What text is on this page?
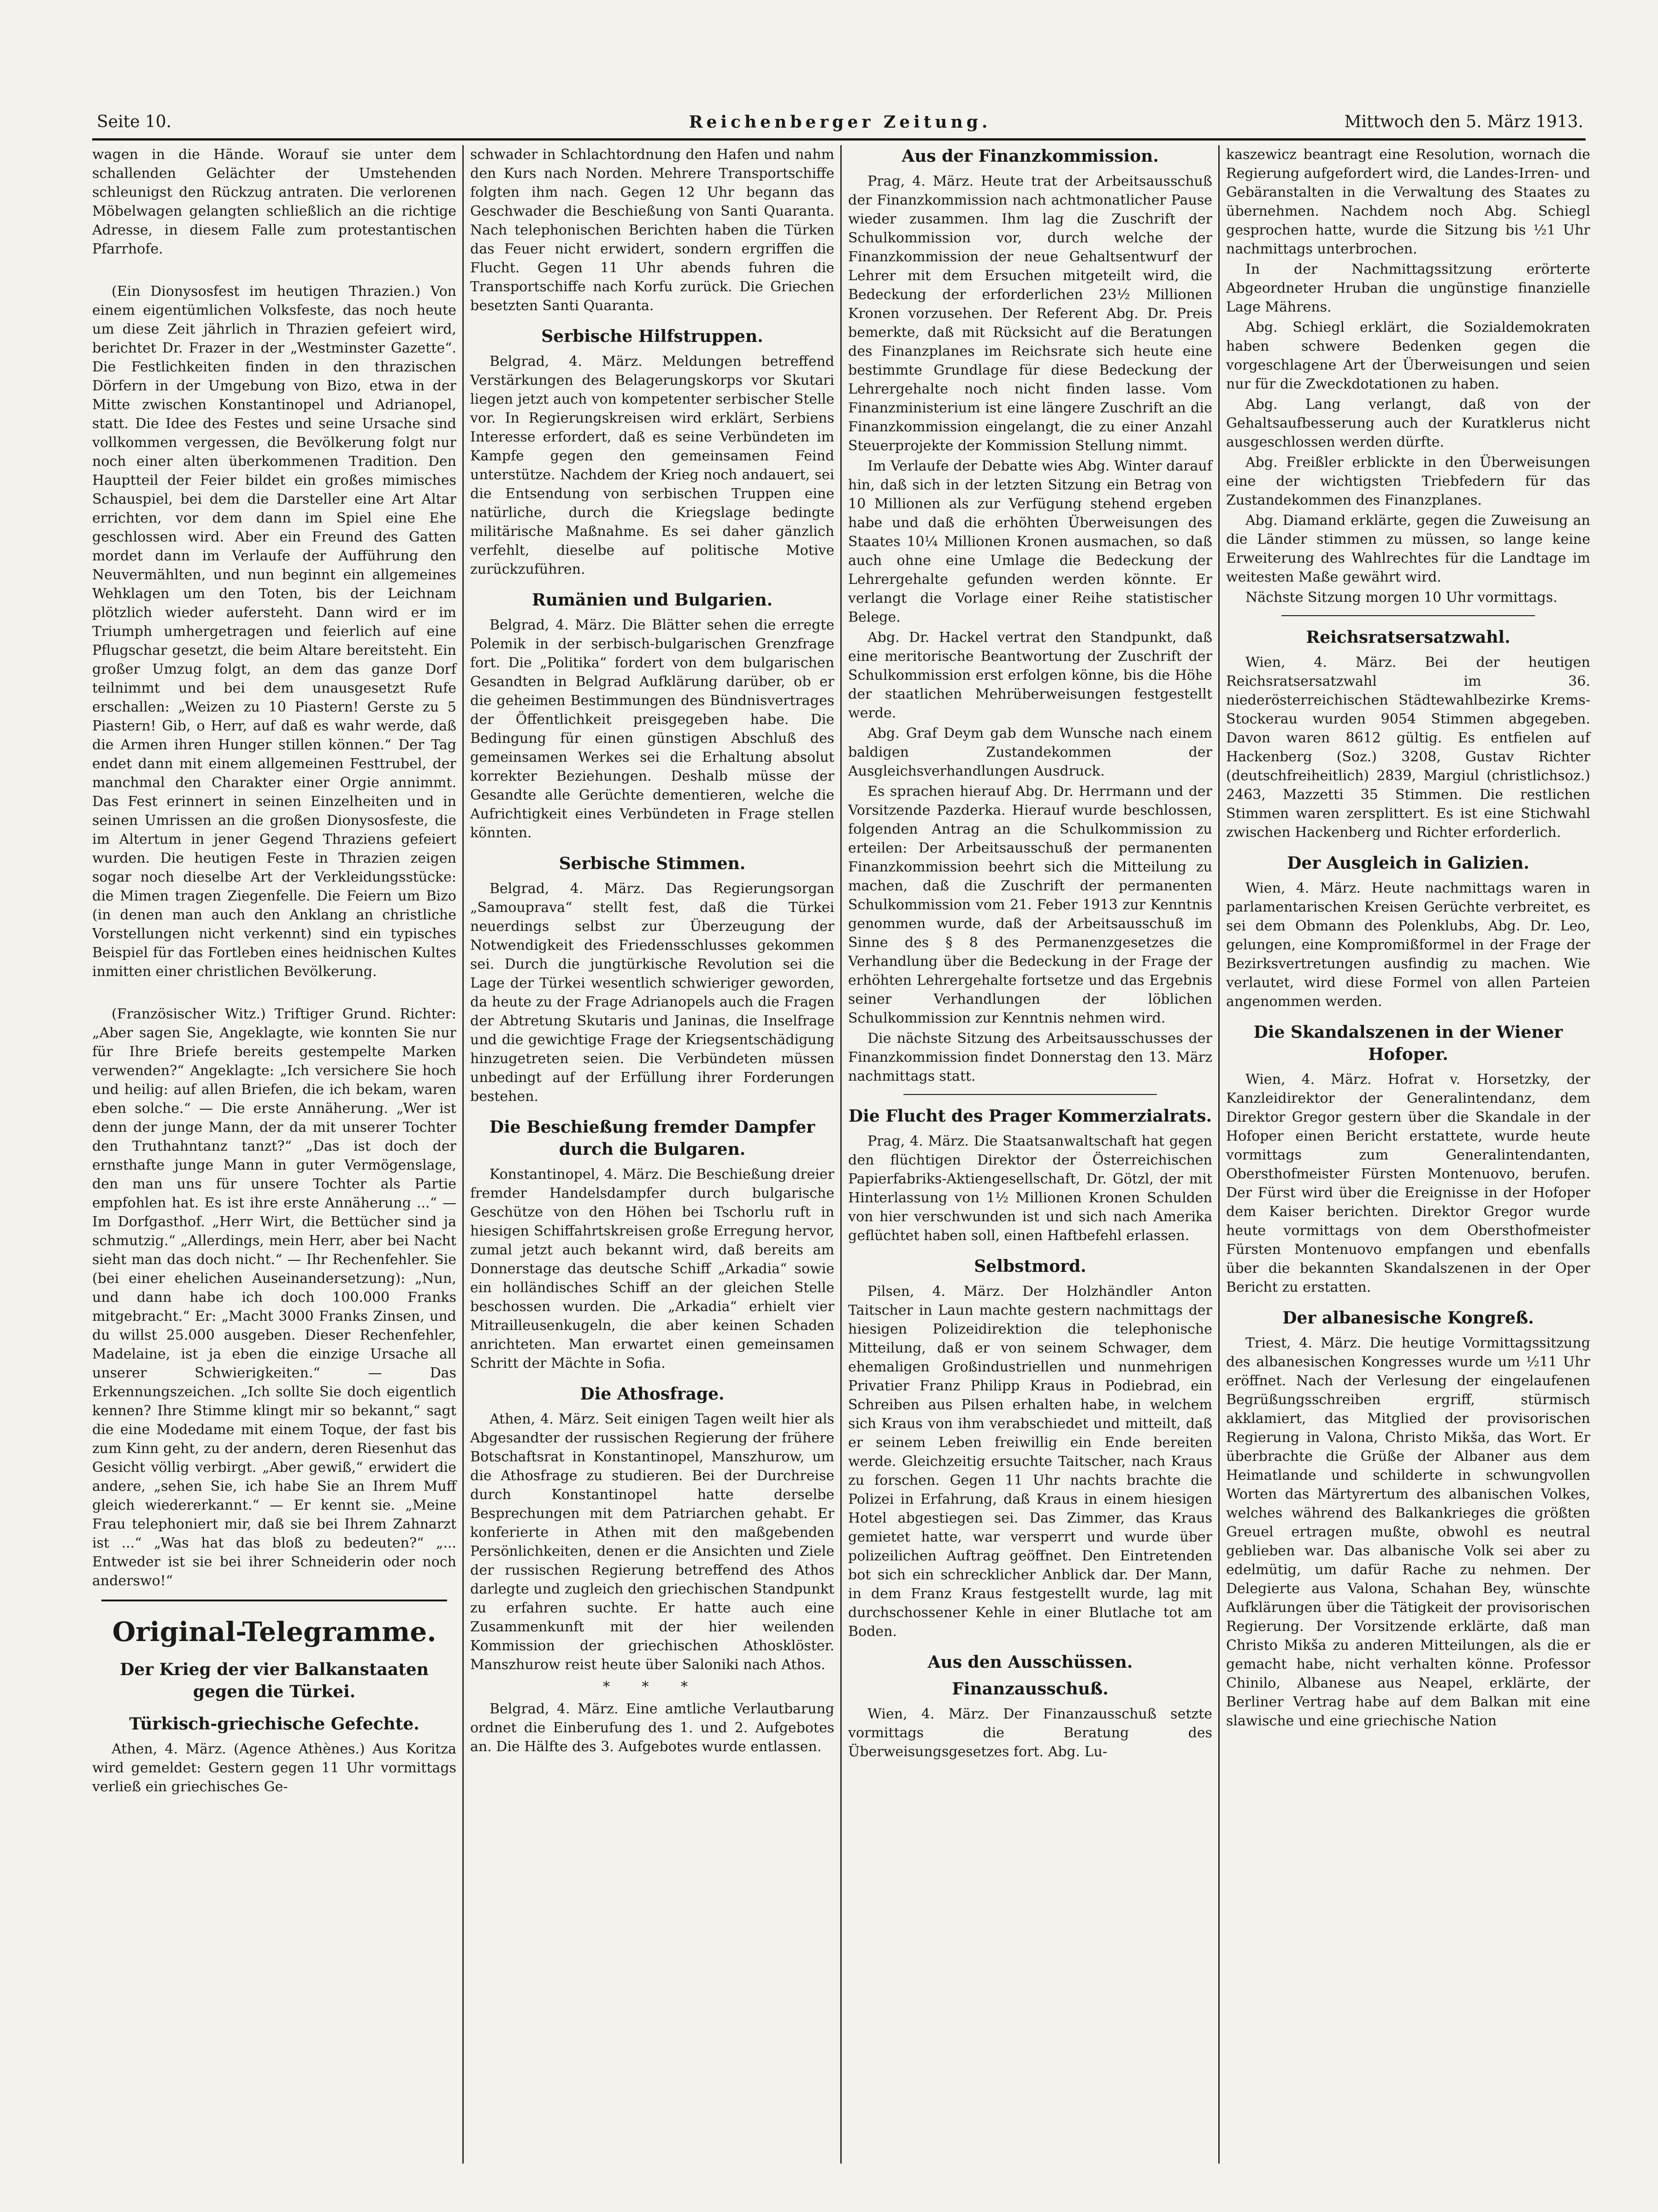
Seite 10.	Reichenberger Zeitung.	Mittwoch den 5. März 1913.

wagen in die Hände. Worauf sie unter dem schallenden Gelächter der Umstehenden schleunigst den Rückzug antraten. Die verlorenen Möbelwagen gelangten schließlich an die richtige Adresse, in diesem Falle zum protestantischen Pfarrhofe.

(Ein Dionysosfest im heutigen Thrazien.) Von einem eigentümlichen Volksfeste, das noch heute um diese Zeit jährlich in Thrazien gefeiert wird, berichtet Dr. Frazer in der „Westminster Gazette“. Die Festlichkeiten finden in den thrazischen Dörfern in der Umgebung von Bizo, etwa in der Mitte zwischen Konstantinopel und Adrianopel, statt. Die Idee des Festes und seine Ursache sind vollkommen vergessen, die Bevölkerung folgt nur noch einer alten überkommenen Tradition. Den Hauptteil der Feier bildet ein großes mimisches Schauspiel, bei dem die Darsteller eine Art Altar errichten, vor dem dann im Spiel eine Ehe geschlossen wird. Aber ein Freund des Gatten mordet dann im Verlaufe der Aufführung den Neuvermählten, und nun beginnt ein allgemeines Wehklagen um den Toten, bis der Leichnam plötzlich wieder aufersteht. Dann wird er im Triumph umhergetragen und feierlich auf eine Pflugschar gesetzt, die beim Altare bereitsteht. Ein großer Umzug folgt, an dem das ganze Dorf teilnimmt und bei dem unausgesetzt Rufe erschallen: „Weizen zu 10 Piastern! Gerste zu 5 Piastern! Gib, o Herr, auf daß es wahr werde, daß die Armen ihren Hunger stillen können.“ Der Tag endet dann mit einem allgemeinen Festtrubel, der manchmal den Charakter einer Orgie annimmt. Das Fest erinnert in seinen Einzelheiten und in seinen Umrissen an die großen Dionysosfeste, die im Altertum in jener Gegend Thraziens gefeiert wurden. Die heutigen Feste in Thrazien zeigen sogar noch dieselbe Art der Verkleidungsstücke: die Mimen tragen Ziegenfelle. Die Feiern um Bizo (in denen man auch den Anklang an christliche Vorstellungen nicht verkennt) sind ein typisches Beispiel für das Fortleben eines heidnischen Kultes inmitten einer christlichen Bevölkerung.

(Französischer Witz.) Triftiger Grund. Richter: „Aber sagen Sie, Angeklagte, wie konnten Sie nur für Ihre Briefe bereits gestempelte Marken verwenden?“ Angeklagte: „Ich versichere Sie hoch und heilig: auf allen Briefen, die ich bekam, waren eben solche.“ — Die erste Annäherung. „Wer ist denn der junge Mann, der da mit unserer Tochter den Truthahntanz tanzt?“ „Das ist doch der ernsthafte junge Mann in guter Vermögenslage, den man uns für unsere Tochter als Partie empfohlen hat. Es ist ihre erste Annäherung ...“ — Im Dorfgasthof. „Herr Wirt, die Bettücher sind ja schmutzig.“ „Allerdings, mein Herr, aber bei Nacht sieht man das doch nicht.“ — Ihr Rechenfehler. Sie (bei einer ehelichen Auseinandersetzung): „Nun, und dann habe ich doch 100.000 Franks mitgebracht.“ Er: „Macht 3000 Franks Zinsen, und du willst 25.000 ausgeben. Dieser Rechenfehler, Madelaine, ist ja eben die einzige Ursache all unserer Schwierigkeiten.“ — Das Erkennungszeichen. „Ich sollte Sie doch eigentlich kennen? Ihre Stimme klingt mir so bekannt,“ sagt die eine Modedame mit einem Toque, der fast bis zum Kinn geht, zu der andern, deren Riesenhut das Gesicht völlig verbirgt. „Aber gewiß,“ erwidert die andere, „sehen Sie, ich habe Sie an Ihrem Muff gleich wiedererkannt.“ — Er kennt sie. „Meine Frau telephoniert mir, daß sie bei Ihrem Zahnarzt ist ...“ „Was hat das bloß zu bedeuten?“ „... Entweder ist sie bei ihrer Schneiderin oder noch anderswo!“

Original-Telegramme.
Der Krieg der vier Balkanstaaten gegen die Türkei.
Türkisch-griechische Gefechte.

Athen, 4. März. (Agence Athènes.) Aus Koritza wird gemeldet: Gestern gegen 11 Uhr vormittags verließ ein griechisches Ge-

schwader in Schlachtordnung den Hafen und nahm den Kurs nach Norden. Mehrere Transportschiffe folgten ihm nach. Gegen 12 Uhr begann das Geschwader die Beschießung von Santi Quaranta. Nach telephonischen Berichten haben die Türken das Feuer nicht erwidert, sondern ergriffen die Flucht. Gegen 11 Uhr abends fuhren die Transportschiffe nach Korfu zurück. Die Griechen besetzten Santi Quaranta.

Serbische Hilfstruppen.

Belgrad, 4. März. Meldungen betreffend Verstärkungen des Belagerungskorps vor Skutari liegen jetzt auch von kompetenter serbischer Stelle vor. In Regierungskreisen wird erklärt, Serbiens Interesse erfordert, daß es seine Verbündeten im Kampfe gegen den gemeinsamen Feind unterstütze. Nachdem der Krieg noch andauert, sei die Entsendung von serbischen Truppen eine natürliche, durch die Kriegslage bedingte militärische Maßnahme. Es sei daher gänzlich verfehlt, dieselbe auf politische Motive zurückzuführen.

Rumänien und Bulgarien.

Belgrad, 4. März. Die Blätter sehen die erregte Polemik in der serbisch-bulgarischen Grenzfrage fort. Die „Politika“ fordert von dem bulgarischen Gesandten in Belgrad Aufklärung darüber, ob er die geheimen Bestimmungen des Bündnisvertrages der Öffentlichkeit preisgegeben habe. Die Bedingung für einen günstigen Abschluß des gemeinsamen Werkes sei die Erhaltung absolut korrekter Beziehungen. Deshalb müsse der Gesandte alle Gerüchte dementieren, welche die Aufrichtigkeit eines Verbündeten in Frage stellen könnten.

Serbische Stimmen.

Belgrad, 4. März. Das Regierungsorgan „Samouprava“ stellt fest, daß die Türkei neuerdings selbst zur Überzeugung der Notwendigkeit des Friedensschlusses gekommen sei. Durch die jungtürkische Revolution sei die Lage der Türkei wesentlich schwieriger geworden, da heute zu der Frage Adrianopels auch die Fragen der Abtretung Skutaris und Janinas, die Inselfrage und die gewichtige Frage der Kriegsentschädigung hinzugetreten seien. Die Verbündeten müssen unbedingt auf der Erfüllung ihrer Forderungen bestehen.

Die Beschießung fremder Dampfer durch die Bulgaren.

Konstantinopel, 4. März. Die Beschießung dreier fremder Handelsdampfer durch bulgarische Geschütze von den Höhen bei Tschorlu ruft in hiesigen Schiffahrtskreisen große Erregung hervor, zumal jetzt auch bekannt wird, daß bereits am Donnerstage das deutsche Schiff „Arkadia“ sowie ein holländisches Schiff an der gleichen Stelle beschossen wurden. Die „Arkadia“ erhielt vier Mitrailleusenkugeln, die aber keinen Schaden anrichteten. Man erwartet einen gemeinsamen Schritt der Mächte in Sofia.

Die Athosfrage.

Athen, 4. März. Seit einigen Tagen weilt hier als Abgesandter der russischen Regierung der frühere Botschaftsrat in Konstantinopel, Manszhurow, um die Athosfrage zu studieren. Bei der Durchreise durch Konstantinopel hatte derselbe Besprechungen mit dem Patriarchen gehabt. Er konferierte in Athen mit den maßgebenden Persönlichkeiten, denen er die Ansichten und Ziele der russischen Regierung betreffend des Athos darlegte und zugleich den griechischen Standpunkt zu erfahren suchte. Er hatte auch eine Zusammenkunft mit der hier weilenden Kommission der griechischen Athosklöster. Manszhurow reist heute über Saloniki nach Athos.

* * *

Belgrad, 4. März. Eine amtliche Verlautbarung ordnet die Einberufung des 1. und 2. Aufgebotes an. Die Hälfte des 3. Aufgebotes wurde entlassen.

Aus der Finanzkommission.

Prag, 4. März. Heute trat der Arbeitsausschuß der Finanzkommission nach achtmonatlicher Pause wieder zusammen. Ihm lag die Zuschrift der Schulkommission vor, durch welche der Finanzkommission der neue Gehaltsentwurf der Lehrer mit dem Ersuchen mitgeteilt wird, die Bedeckung der erforderlichen 23½ Millionen Kronen vorzusehen. Der Referent Abg. Dr. Preis bemerkte, daß mit Rücksicht auf die Beratungen des Finanzplanes im Reichsrate sich heute eine bestimmte Grundlage für diese Bedeckung der Lehrergehalte noch nicht finden lasse. Vom Finanzministerium ist eine längere Zuschrift an die Finanzkommission eingelangt, die zu einer Anzahl Steuerprojekte der Kommission Stellung nimmt.

Im Verlaufe der Debatte wies Abg. Winter darauf hin, daß sich in der letzten Sitzung ein Betrag von 10 Millionen als zur Verfügung stehend ergeben habe und daß die erhöhten Überweisungen des Staates 10¼ Millionen Kronen ausmachen, so daß auch ohne eine Umlage die Bedeckung der Lehrergehalte gefunden werden könnte. Er verlangt die Vorlage einer Reihe statistischer Belege.

Abg. Dr. Hackel vertrat den Standpunkt, daß eine meritorische Beantwortung der Zuschrift der Schulkommission erst erfolgen könne, bis die Höhe der staatlichen Mehrüberweisungen festgestellt werde.

Abg. Graf Deym gab dem Wunsche nach einem baldigen Zustandekommen der Ausgleichsverhandlungen Ausdruck.

Es sprachen hierauf Abg. Dr. Herrmann und der Vorsitzende Pazderka. Hierauf wurde beschlossen, folgenden Antrag an die Schulkommission zu erteilen: Der Arbeitsausschuß der permanenten Finanzkommission beehrt sich die Mitteilung zu machen, daß die Zuschrift der permanenten Schulkommission vom 21. Feber 1913 zur Kenntnis genommen wurde, daß der Arbeitsausschuß im Sinne des § 8 des Permanenzgesetzes die Verhandlung über die Bedeckung in der Frage der erhöhten Lehrergehalte fortsetze und das Ergebnis seiner Verhandlungen der löblichen Schulkommission zur Kenntnis nehmen wird.

Die nächste Sitzung des Arbeitsausschusses der Finanzkommission findet Donnerstag den 13. März nachmittags statt.

Die Flucht des Prager Kommerzialrats.

Prag, 4. März. Die Staatsanwaltschaft hat gegen den flüchtigen Direktor der Österreichischen Papierfabriks-Aktiengesellschaft, Dr. Götzl, der mit Hinterlassung von 1½ Millionen Kronen Schulden von hier verschwunden ist und sich nach Amerika geflüchtet haben soll, einen Haftbefehl erlassen.

Selbstmord.

Pilsen, 4. März. Der Holzhändler Anton Taitscher in Laun machte gestern nachmittags der hiesigen Polizeidirektion die telephonische Mitteilung, daß er von seinem Schwager, dem ehemaligen Großindustriellen und nunmehrigen Privatier Franz Philipp Kraus in Podiebrad, ein Schreiben aus Pilsen erhalten habe, in welchem sich Kraus von ihm verabschiedet und mitteilt, daß er seinem Leben freiwillig ein Ende bereiten werde. Gleichzeitig ersuchte Taitscher, nach Kraus zu forschen. Gegen 11 Uhr nachts brachte die Polizei in Erfahrung, daß Kraus in einem hiesigen Hotel abgestiegen sei. Das Zimmer, das Kraus gemietet hatte, war versperrt und wurde über polizeilichen Auftrag geöffnet. Den Eintretenden bot sich ein schrecklicher Anblick dar. Der Mann, in dem Franz Kraus festgestellt wurde, lag mit durchschossener Kehle in einer Blutlache tot am Boden.

Aus den Ausschüssen.
Finanzausschuß.

Wien, 4. März. Der Finanzausschuß setzte vormittags die Beratung des Überweisungsgesetzes fort. Abg. Lu-

kaszewicz beantragt eine Resolution, wornach die Regierung aufgefordert wird, die Landes-Irren- und Gebäranstalten in die Verwaltung des Staates zu übernehmen. Nachdem noch Abg. Schiegl gesprochen hatte, wurde die Sitzung bis ½1 Uhr nachmittags unterbrochen.

In der Nachmittagssitzung erörterte Abgeordneter Hruban die ungünstige finanzielle Lage Mährens.

Abg. Schiegl erklärt, die Sozialdemokraten haben schwere Bedenken gegen die vorgeschlagene Art der Überweisungen und seien nur für die Zweckdotationen zu haben.

Abg. Lang verlangt, daß von der Gehaltsaufbesserung auch der Kuratklerus nicht ausgeschlossen werden dürfte.

Abg. Freißler erblickte in den Überweisungen eine der wichtigsten Triebfedern für das Zustandekommen des Finanzplanes.

Abg. Diamand erklärte, gegen die Zuweisung an die Länder stimmen zu müssen, so lange keine Erweiterung des Wahlrechtes für die Landtage im weitesten Maße gewährt wird.

Nächste Sitzung morgen 10 Uhr vormittags.

Reichsratsersatzwahl.

Wien, 4. März. Bei der heutigen Reichsratsersatzwahl im 36. niederösterreichischen Städtewahlbezirke Krems-Stockerau wurden 9054 Stimmen abgegeben. Davon waren 8612 gültig. Es entfielen auf Hackenberg (Soz.) 3208, Gustav Richter (deutschfreiheitlich) 2839, Margiul (christlichsoz.) 2463, Mazzetti 35 Stimmen. Die restlichen Stimmen waren zersplittert. Es ist eine Stichwahl zwischen Hackenberg und Richter erforderlich.

Der Ausgleich in Galizien.

Wien, 4. März. Heute nachmittags waren in parlamentarischen Kreisen Gerüchte verbreitet, es sei dem Obmann des Polenklubs, Abg. Dr. Leo, gelungen, eine Kompromißformel in der Frage der Bezirksvertretungen ausfindig zu machen. Wie verlautet, wird diese Formel von allen Parteien angenommen werden.

Die Skandalszenen in der Wiener Hofoper.

Wien, 4. März. Hofrat v. Horsetzky, der Kanzleidirektor der Generalintendanz, dem Direktor Gregor gestern über die Skandale in der Hofoper einen Bericht erstattete, wurde heute vormittags zum Generalintendanten, Obersthofmeister Fürsten Montenuovo, berufen. Der Fürst wird über die Ereignisse in der Hofoper dem Kaiser berichten. Direktor Gregor wurde heute vormittags von dem Obersthofmeister Fürsten Montenuovo empfangen und ebenfalls über die bekannten Skandalszenen in der Oper Bericht zu erstatten.

Der albanesische Kongreß.

Triest, 4. März. Die heutige Vormittagssitzung des albanesischen Kongresses wurde um ½11 Uhr eröffnet. Nach der Verlesung der eingelaufenen Begrüßungsschreiben ergriff, stürmisch akklamiert, das Mitglied der provisorischen Regierung in Valona, Christo Mikša, das Wort. Er überbrachte die Grüße der Albaner aus dem Heimatlande und schilderte in schwungvollen Worten das Märtyrertum des albanischen Volkes, welches während des Balkankrieges die größten Greuel ertragen mußte, obwohl es neutral geblieben war. Das albanische Volk sei aber zu edelmütig, um dafür Rache zu nehmen. Der Delegierte aus Valona, Schahan Bey, wünschte Aufklärungen über die Tätigkeit der provisorischen Regierung. Der Vorsitzende erklärte, daß man Christo Mikša zu anderen Mitteilungen, als die er gemacht habe, nicht verhalten könne. Professor Chinilo, Albanese aus Neapel, erklärte, der Berliner Vertrag habe auf dem Balkan mit eine slawische und eine griechische Nation
